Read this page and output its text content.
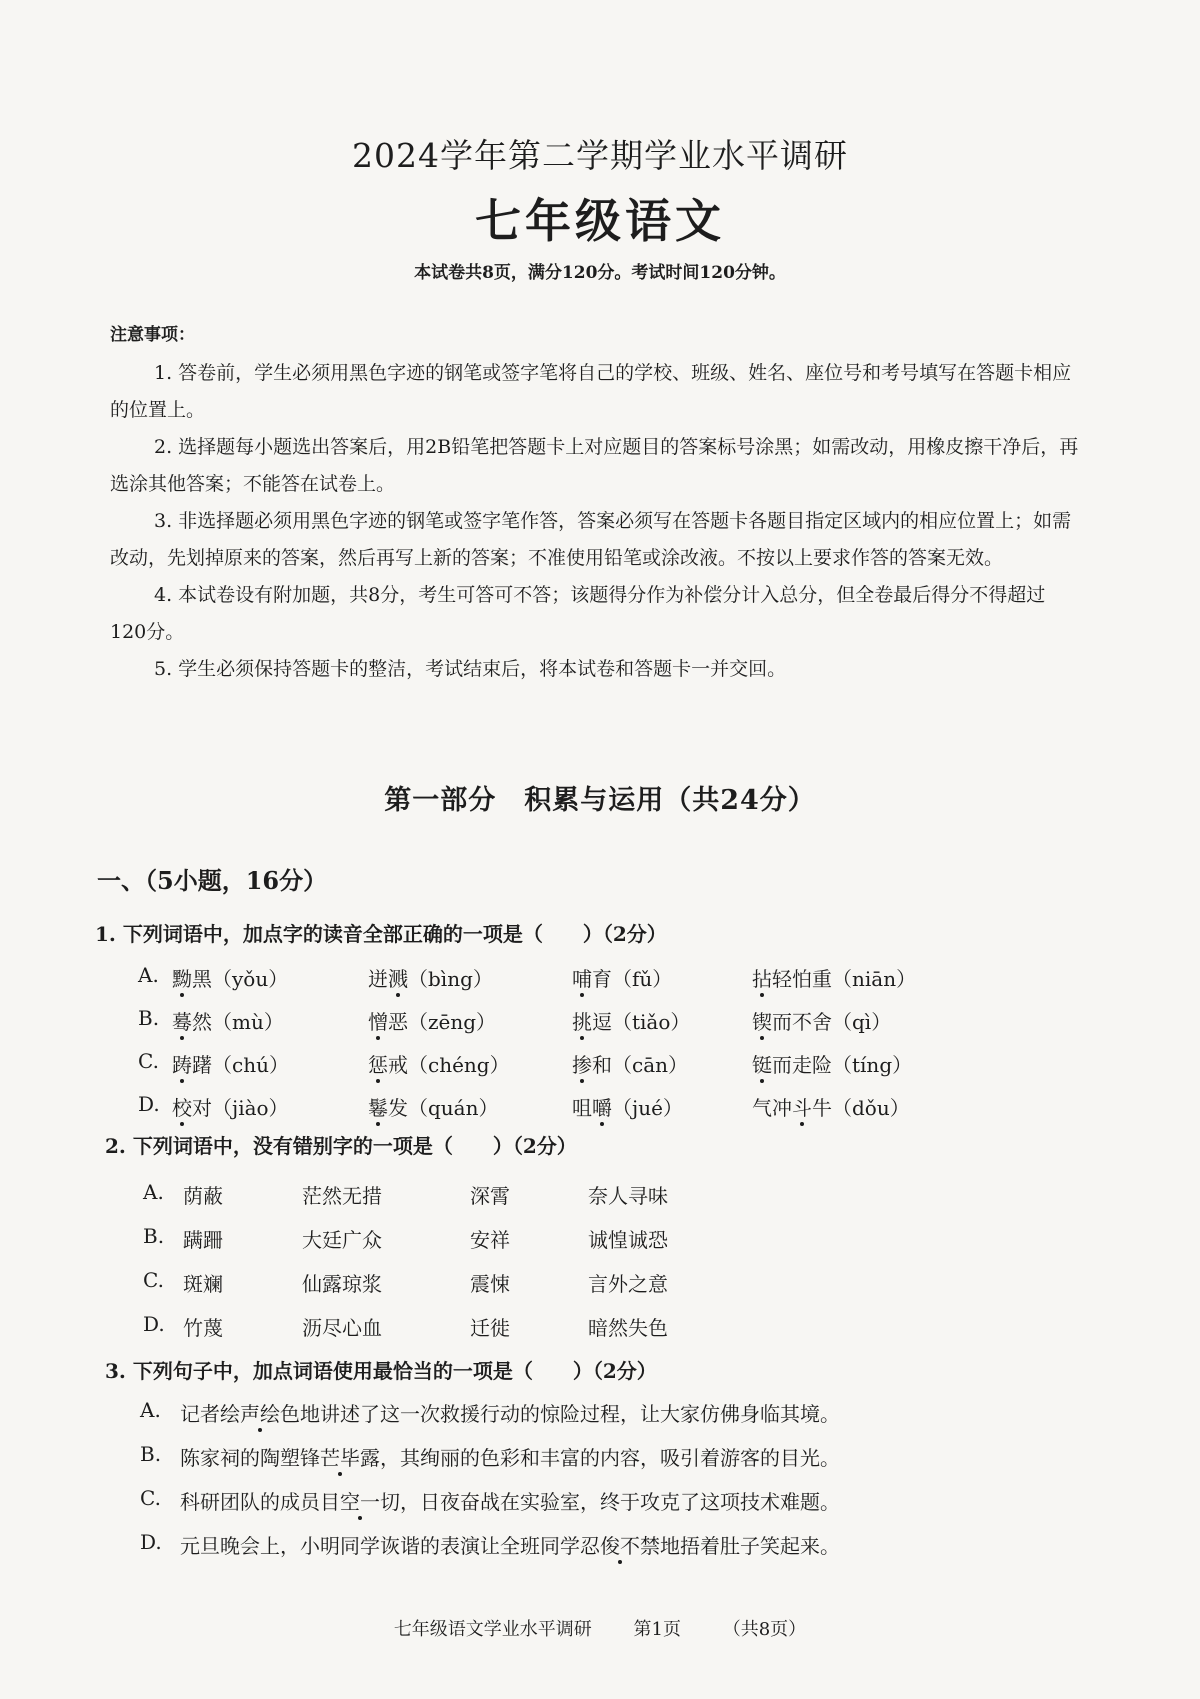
2024学年第二学期学业水平调研
七年级语文
本试卷共8页，满分120分。考试时间120分钟。
注意事项：

1. 答卷前，学生必须用黑色字迹的钢笔或签字笔将自己的学校、班级、姓名、座位号和考号填写在答题卡相应的位置上。

2. 选择题每小题选出答案后，用2B铅笔把答题卡上对应题目的答案标号涂黑；如需改动，用橡皮擦干净后，再选涂其他答案；不能答在试卷上。

3. 非选择题必须用黑色字迹的钢笔或签字笔作答，答案必须写在答题卡各题目指定区域内的相应位置上；如需改动，先划掉原来的答案，然后再写上新的答案；不准使用铅笔或涂改液。不按以上要求作答的答案无效。

4. 本试卷设有附加题，共8分，考生可答可不答；该题得分作为补偿分计入总分，但全卷最后得分不得超过120分。

5. 学生必须保持答题卡的整洁，考试结束后，将本试卷和答题卡一并交回。

第一部分　积累与运用（共24分）
一、（5小题，16分）
1. 下列词语中，加点字的读音全部正确的一项是（　　）（2分）
A. 黝黑（yǒu）	迸溅（bìng）	哺育（fǔ）	拈轻怕重（niān）
B. 蓦然（mù）	憎恶（zēng）	挑逗（tiǎo）	锲而不舍（qì）
C. 踌躇（chú）	惩戒（chéng）	掺和（cān）	铤而走险（tíng）
D. 校对（jiào）	鬈发（quán）	咀嚼（jué）	气冲斗牛（dǒu）
2. 下列词语中，没有错别字的一项是（　　）（2分）
A. 荫蔽	茫然无措	深霄	奈人寻味
B. 蹒跚	大廷广众	安祥	诚惶诚恐
C. 斑斓	仙露琼浆	震悚	言外之意
D. 竹蔑	沥尽心血	迁徙	暗然失色
3. 下列句子中，加点词语使用最恰当的一项是（　　）（2分）
A. 记者绘声绘色地讲述了这一次救援行动的惊险过程，让大家仿佛身临其境。
B. 陈家祠的陶塑锋芒毕露，其绚丽的色彩和丰富的内容，吸引着游客的目光。
C. 科研团队的成员目空一切，日夜奋战在实验室，终于攻克了这项技术难题。
D. 元旦晚会上，小明同学诙谐的表演让全班同学忍俊不禁地捂着肚子笑起来。
七年级语文学业水平调研 第1页 （共8页）
